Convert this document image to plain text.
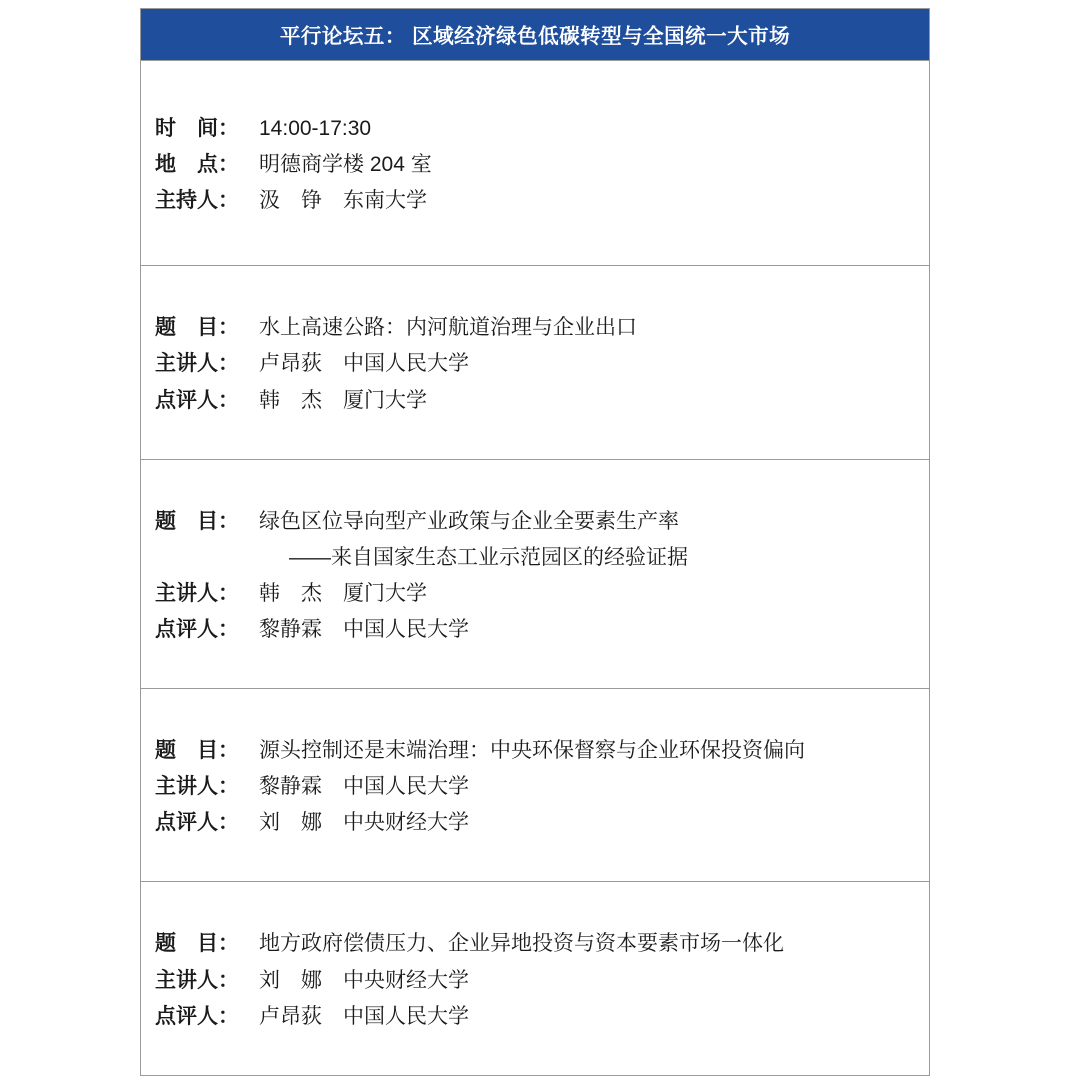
平行论坛五： 区域经济绿色低碳转型与全国统一大市场
时　间： 14:00-17:30
地　点： 明德商学楼 204 室
主持人： 汲　铮　东南大学
题　目： 水上高速公路：内河航道治理与企业出口
主讲人： 卢昂荻　中国人民大学
点评人： 韩　杰　厦门大学
题　目： 绿色区位导向型产业政策与企业全要素生产率
——来自国家生态工业示范园区的经验证据
主讲人： 韩　杰　厦门大学
点评人： 黎静霖　中国人民大学
题　目： 源头控制还是末端治理：中央环保督察与企业环保投资偏向
主讲人： 黎静霖　中国人民大学
点评人： 刘　娜　中央财经大学
题　目： 地方政府偿债压力、企业异地投资与资本要素市场一体化
主讲人： 刘　娜　中央财经大学
点评人： 卢昂荻　中国人民大学
